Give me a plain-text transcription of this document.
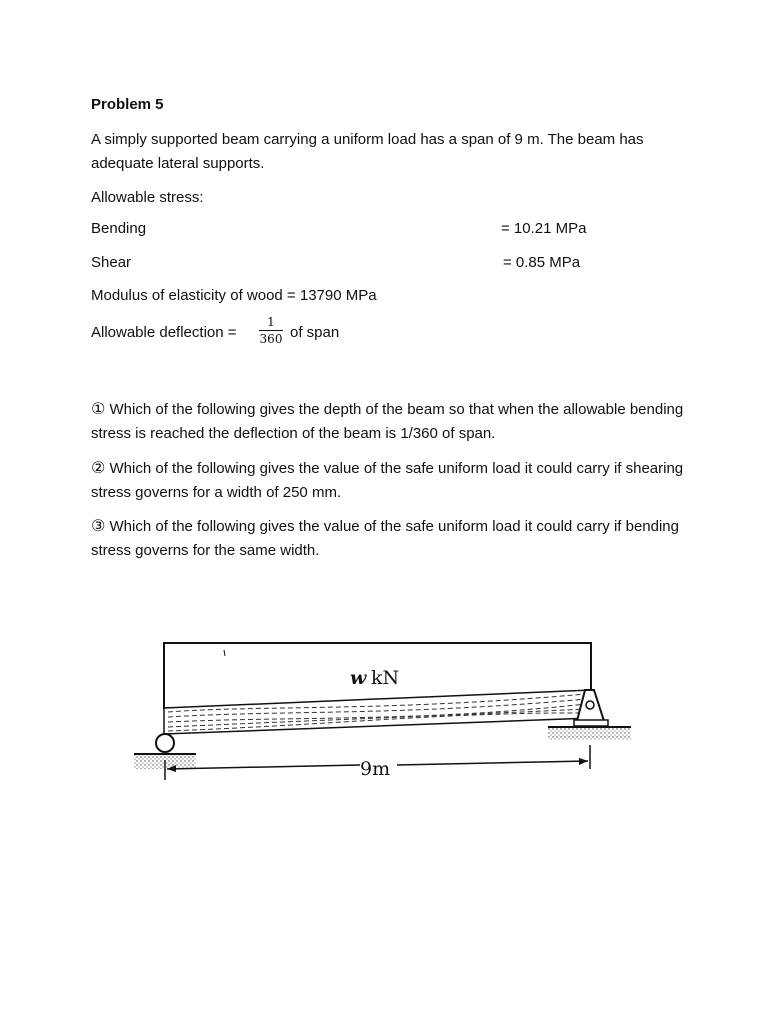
Problem 5
A simply supported beam carrying a uniform load has a span of 9 m. The beam has adequate lateral supports.
Allowable stress:
Bending	= 10.21 MPa
Shear	= 0.85 MPa
Modulus of elasticity of wood = 13790 MPa
Allowable deflection =
1
360 of span
① Which of the following gives the depth of the beam so that when the allowable bending stress is reached the deflection of the beam is 1/360 of span.
② Which of the following gives the value of the safe uniform load it could carry if shearing stress governs for a width of 250 mm.
③ Which of the following gives the value of the safe uniform load it could carry if bending stress governs for the same width.
w kN
9m
